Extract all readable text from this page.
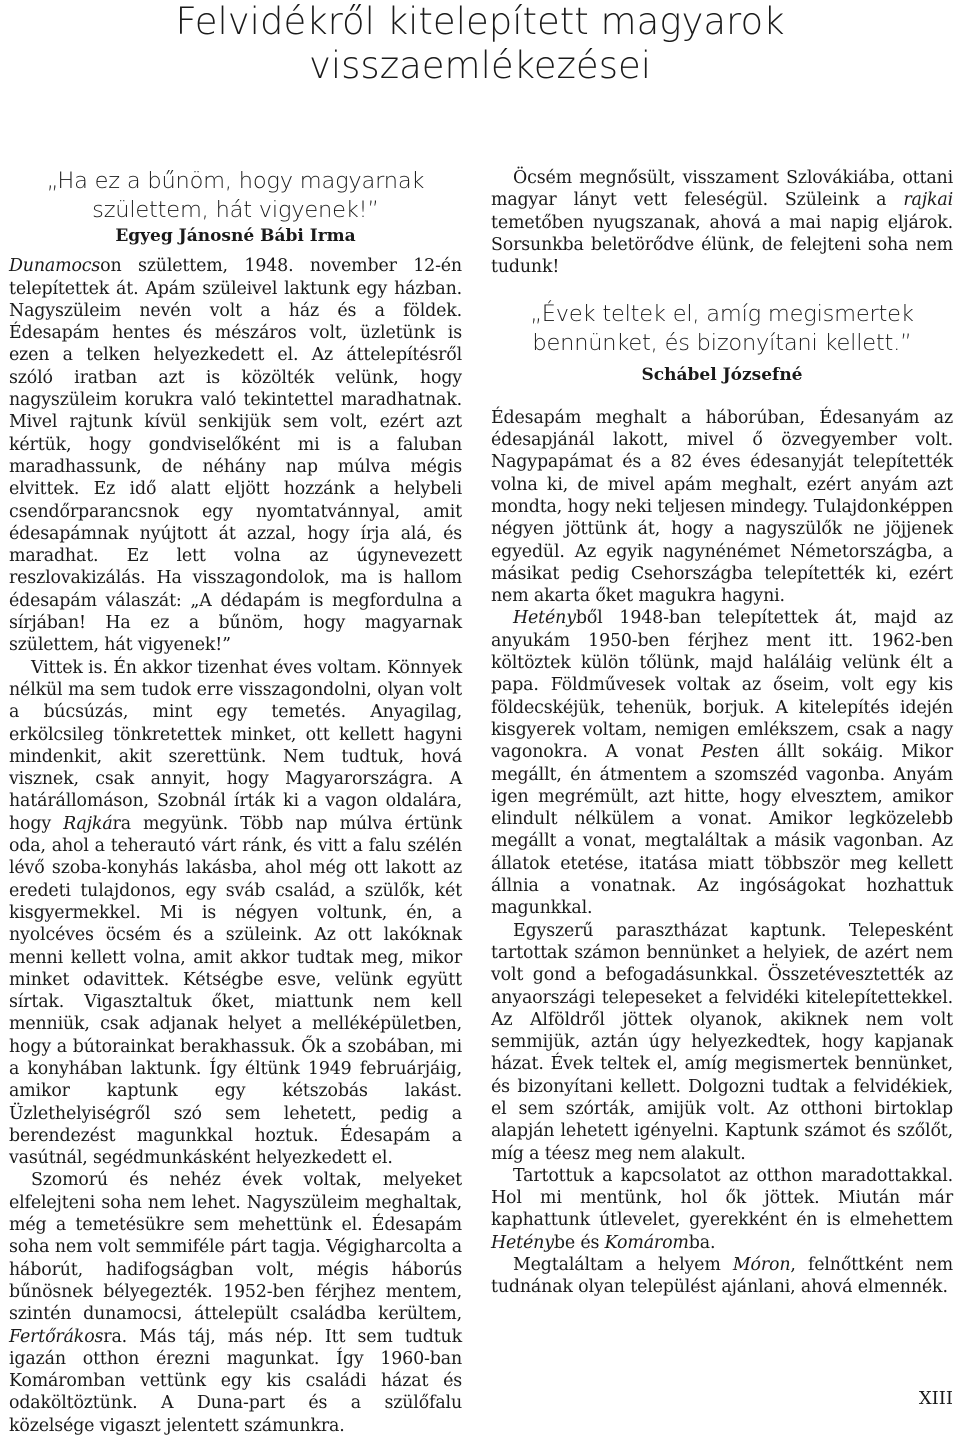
Felvidékről kitelepített magyarok
visszaemlékezései

„Ha ez a bűnöm, hogy magyarnak
születtem, hát vigyenek!”

Egyeg Jánosné Bábi Irma

Dunamocson születtem, 1948. november 12-én telepítettek át. Apám szüleivel laktunk egy házban. Nagyszüleim nevén volt a ház és a földek. Édesapám hentes és mészáros volt, üzletünk is ezen a telken helyezkedett el. Az áttelepítésről szóló iratban azt is közölték velünk, hogy nagyszüleim korukra való tekintettel maradhatnak. Mivel rajtunk kívül senkijük sem volt, ezért azt kértük, hogy gondviselőként mi is a faluban maradhassunk, de néhány nap múlva mégis elvittek. Ez idő alatt eljött hozzánk a helybeli csendőrparancsnok egy nyomtatvánnyal, amit édesapámnak nyújtott át azzal, hogy írja alá, és maradhat. Ez lett volna az úgynevezett reszlovakizálás. Ha visszagondolok, ma is hallom édesapám válaszát: „A dédapám is megfordulna a sírjában! Ha ez a bűnöm, hogy magyarnak születtem, hát vigyenek!”

Vittek is. Én akkor tizenhat éves voltam. Könnyek nélkül ma sem tudok erre visszagondolni, olyan volt a búcsúzás, mint egy temetés. Anyagilag, erkölcsileg tönkretettek minket, ott kellett hagyni mindenkit, akit szerettünk. Nem tudtuk, hová visznek, csak annyit, hogy Magyarországra. A határállomáson, Szobnál írták ki a vagon oldalára, hogy Rajkára megyünk. Több nap múlva értünk oda, ahol a teherautó várt ránk, és vitt a falu szélén lévő szoba-konyhás lakásba, ahol még ott lakott az eredeti tulajdonos, egy sváb család, a szülők, két kisgyermekkel. Mi is négyen voltunk, én, a nyolcéves öcsém és a szüleink. Az ott lakóknak menni kellett volna, amit akkor tudtak meg, mikor minket odavittek. Kétségbe esve, velünk együtt sírtak. Vigasztaltuk őket, miattunk nem kell menniük, csak adjanak helyet a melléképületben, hogy a bútorainkat berakhassuk. Ők a szobában, mi a konyhában laktunk. Így éltünk 1949 februárjáig, amikor kaptunk egy kétszobás lakást. Üzlethelyiségről szó sem lehetett, pedig a berendezést magunkkal hoztuk. Édesapám a vasútnál, segédmunkásként helyezkedett el.

Szomorú és nehéz évek voltak, melyeket elfelejteni soha nem lehet. Nagyszüleim meghaltak, még a temetésükre sem mehettünk el. Édesapám soha nem volt semmiféle párt tagja. Végigharcolta a háborút, hadifogságban volt, mégis háborús bűnösnek bélyegezték. 1952-ben férjhez mentem, szintén dunamocsi, áttelepült családba kerültem, Fertőrákosra. Más táj, más nép. Itt sem tudtuk igazán otthon érezni magunkat. Így 1960-ban Komáromban vettünk egy kis családi házat és odaköltöztünk. A Duna-part és a szülőfalu közelsége vigaszt jelentett számunkra.

Öcsém megnősült, visszament Szlovákiába, ottani magyar lányt vett feleségül. Szüleink a rajkai temetőben nyugszanak, ahová a mai napig eljárok. Sorsunkba beletörődve élünk, de felejteni soha nem tudunk!

„Évek teltek el, amíg megismertek
bennünket, és bizonyítani kellett.”

Schábel Józsefné

Édesapám meghalt a háborúban, Édesanyám az édesapjánál lakott, mivel ő özvegyember volt. Nagypapámat és a 82 éves édesanyját telepítették volna ki, de mivel apám meghalt, ezért anyám azt mondta, hogy neki teljesen mindegy. Tulajdonképpen négyen jöttünk át, hogy a nagyszülők ne jöjjenek egyedül. Az egyik nagynénémet Németországba, a másikat pedig Csehországba telepítették ki, ezért nem akarta őket magukra hagyni.

Hetényből 1948-ban telepítettek át, majd az anyukám 1950-ben férjhez ment itt. 1962-ben költöztek külön tőlünk, majd haláláig velünk élt a papa. Földművesek voltak az őseim, volt egy kis földecskéjük, tehenük, borjuk. A kitelepítés idején kisgyerek voltam, nemigen emlékszem, csak a nagy vagonokra. A vonat Pesten állt sokáig. Mikor megállt, én átmentem a szomszéd vagonba. Anyám igen megrémült, azt hitte, hogy elvesztem, amikor elindult nélkülem a vonat. Amikor legközelebb megállt a vonat, megtaláltak a másik vagonban. Az állatok etetése, itatása miatt többször meg kellett állnia a vonatnak. Az ingóságokat hozhattuk magunkkal.

Egyszerű parasztházat kaptunk. Telepesként tartottak számon bennünket a helyiek, de azért nem volt gond a befogadásunkkal. Összetévesztették az anyaországi telepeseket a felvidéki kitelepítettekkel. Az Alföldről jöttek olyanok, akiknek nem volt semmijük, aztán úgy helyezkedtek, hogy kapjanak házat. Évek teltek el, amíg megismertek bennünket, és bizonyítani kellett. Dolgozni tudtak a felvidékiek, el sem szórták, amijük volt. Az otthoni birtoklap alapján lehetett igényelni. Kaptunk számot és szőlőt, míg a téesz meg nem alakult.

Tartottuk a kapcsolatot az otthon maradottakkal. Hol mi mentünk, hol ők jöttek. Miután már kaphattunk útlevelet, gyerekként én is elmehettem Heténybe és Komáromba.

Megtaláltam a helyem Móron, felnőttként nem tudnának olyan települést ajánlani, ahová elmennék.

XIII
